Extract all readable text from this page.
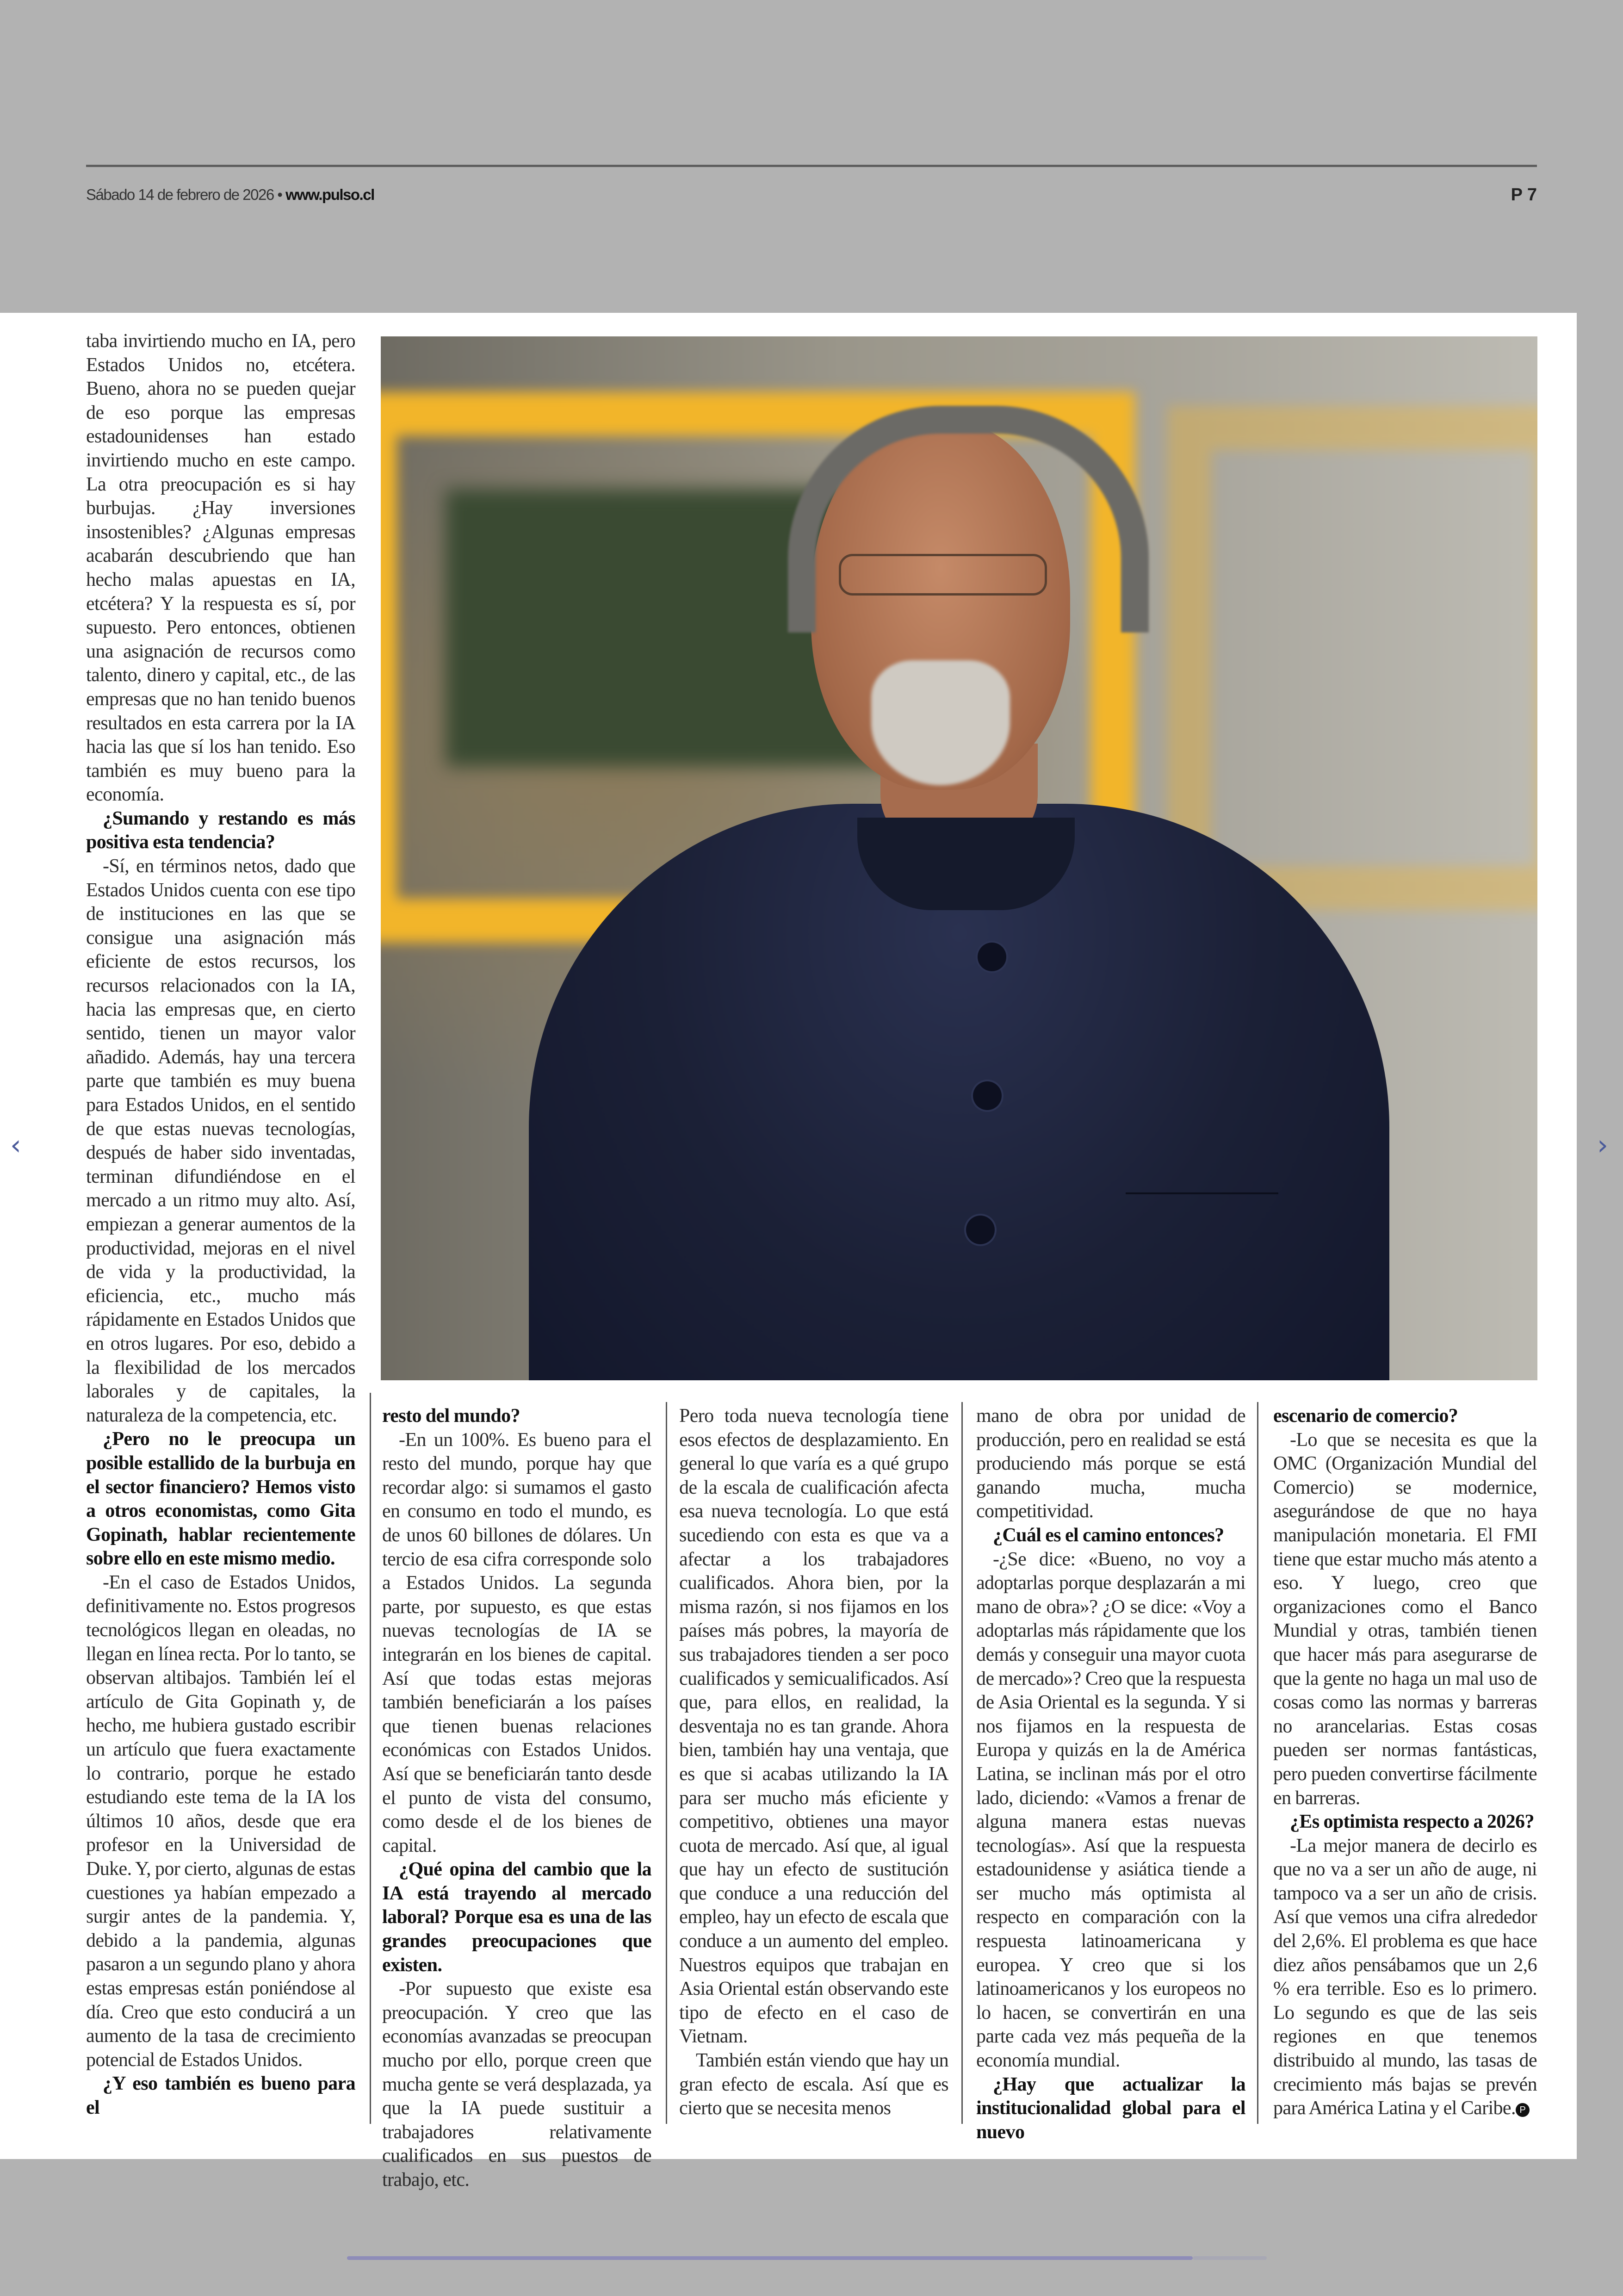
Sábado 14 de febrero de 2026 • www.pulso.cl	P 7

taba invirtiendo mucho en IA, pero Estados Unidos no, etcétera. Bueno, ahora no se pueden quejar de eso porque las empresas estadounidenses han estado invirtiendo mucho en este campo. La otra preocupación es si hay burbujas. ¿Hay inversiones insostenibles? ¿Algunas empresas acabarán descubriendo que han hecho malas apuestas en IA, etcétera? Y la respuesta es sí, por supuesto. Pero entonces, obtienen una asignación de recursos como talento, dinero y capital, etc., de las empresas que no han tenido buenos resultados en esta carrera por la IA hacia las que sí los han tenido. Eso también es muy bueno para la economía.

¿Sumando y restando es más positiva esta tendencia?

-Sí, en términos netos, dado que Estados Unidos cuenta con ese tipo de instituciones en las que se consigue una asignación más eficiente de estos recursos, los recursos relacionados con la IA, hacia las empresas que, en cierto sentido, tienen un mayor valor añadido. Además, hay una tercera parte que también es muy buena para Estados Unidos, en el sentido de que estas nuevas tecnologías, después de haber sido inventadas, terminan difundiéndose en el mercado a un ritmo muy alto. Así, empiezan a generar aumentos de la productividad, mejoras en el nivel de vida y la productividad, la eficiencia, etc., mucho más rápidamente en Estados Unidos que en otros lugares. Por eso, debido a la flexibilidad de los mercados laborales y de capitales, la naturaleza de la competencia, etc.

¿Pero no le preocupa un posible estallido de la burbuja en el sector financiero? Hemos visto a otros economistas, como Gita Gopinath, hablar recientemente sobre ello en este mismo medio.

-En el caso de Estados Unidos, definitivamente no. Estos progresos tecnológicos llegan en oleadas, no llegan en línea recta. Por lo tanto, se observan altibajos. También leí el artículo de Gita Gopinath y, de hecho, me hubiera gustado escribir un artículo que fuera exactamente lo contrario, porque he estado estudiando este tema de la IA los últimos 10 años, desde que era profesor en la Universidad de Duke. Y, por cierto, algunas de estas cuestiones ya habían empezado a surgir antes de la pandemia. Y, debido a la pandemia, algunas pasaron a un segundo plano y ahora estas empresas están poniéndose al día. Creo que esto conducirá a un aumento de la tasa de crecimiento potencial de Estados Unidos.

¿Y eso también es bueno para el

resto del mundo?

-En un 100%. Es bueno para el resto del mundo, porque hay que recordar algo: si sumamos el gasto en consumo en todo el mundo, es de unos 60 billones de dólares. Un tercio de esa cifra corresponde solo a Estados Unidos. La segunda parte, por supuesto, es que estas nuevas tecnologías de IA se integrarán en los bienes de capital. Así que todas estas mejoras también beneficiarán a los países que tienen buenas relaciones económicas con Estados Unidos. Así que se beneficiarán tanto desde el punto de vista del consumo, como desde el de los bienes de capital.

¿Qué opina del cambio que la IA está trayendo al mercado laboral? Porque esa es una de las grandes preocupaciones que existen.

-Por supuesto que existe esa preocupación. Y creo que las economías avanzadas se preocupan mucho por ello, porque creen que mucha gente se verá desplazada, ya que la IA puede sustituir a trabajadores relativamente cualificados en sus puestos de trabajo, etc.

Pero toda nueva tecnología tiene esos efectos de desplazamiento. En general lo que varía es a qué grupo de la escala de cualificación afecta esa nueva tecnología. Lo que está sucediendo con esta es que va a afectar a los trabajadores cualificados. Ahora bien, por la misma razón, si nos fijamos en los países más pobres, la mayoría de sus trabajadores tienden a ser poco cualificados y semicualificados. Así que, para ellos, en realidad, la desventaja no es tan grande. Ahora bien, también hay una ventaja, que es que si acabas utilizando la IA para ser mucho más eficiente y competitivo, obtienes una mayor cuota de mercado. Así que, al igual que hay un efecto de sustitución que conduce a una reducción del empleo, hay un efecto de escala que conduce a un aumento del empleo. Nuestros equipos que trabajan en Asia Oriental están observando este tipo de efecto en el caso de Vietnam.

También están viendo que hay un gran efecto de escala. Así que es cierto que se necesita menos

mano de obra por unidad de producción, pero en realidad se está produciendo más porque se está ganando mucha, mucha competitividad.

¿Cuál es el camino entonces?

-¿Se dice: «Bueno, no voy a adoptarlas porque desplazarán a mi mano de obra»? ¿O se dice: «Voy a adoptarlas más rápidamente que los demás y conseguir una mayor cuota de mercado»? Creo que la respuesta de Asia Oriental es la segunda. Y si nos fijamos en la respuesta de Europa y quizás en la de América Latina, se inclinan más por el otro lado, diciendo: «Vamos a frenar de alguna manera estas nuevas tecnologías». Así que la respuesta estadounidense y asiática tiende a ser mucho más optimista al respecto en comparación con la respuesta latinoamericana y europea. Y creo que si los latinoamericanos y los europeos no lo hacen, se convertirán en una parte cada vez más pequeña de la economía mundial.

¿Hay que actualizar la institucionalidad global para el nuevo

escenario de comercio?

-Lo que se necesita es que la OMC (Organización Mundial del Comercio) se modernice, asegurándose de que no haya manipulación monetaria. El FMI tiene que estar mucho más atento a eso. Y luego, creo que organizaciones como el Banco Mundial y otras, también tienen que hacer más para asegurarse de que la gente no haga un mal uso de cosas como las normas y barreras no arancelarias. Estas cosas pueden ser normas fantásticas, pero pueden convertirse fácilmente en barreras.

¿Es optimista respecto a 2026?

-La mejor manera de decirlo es que no va a ser un año de auge, ni tampoco va a ser un año de crisis. Así que vemos una cifra alrededor del 2,6%. El problema es que hace diez años pensábamos que un 2,6 % era terrible. Eso es lo primero. Lo segundo es que de las seis regiones en que tenemos distribuido al mundo, las tasas de crecimiento más bajas se prevén para América Latina y el Caribe. P

‹	›
